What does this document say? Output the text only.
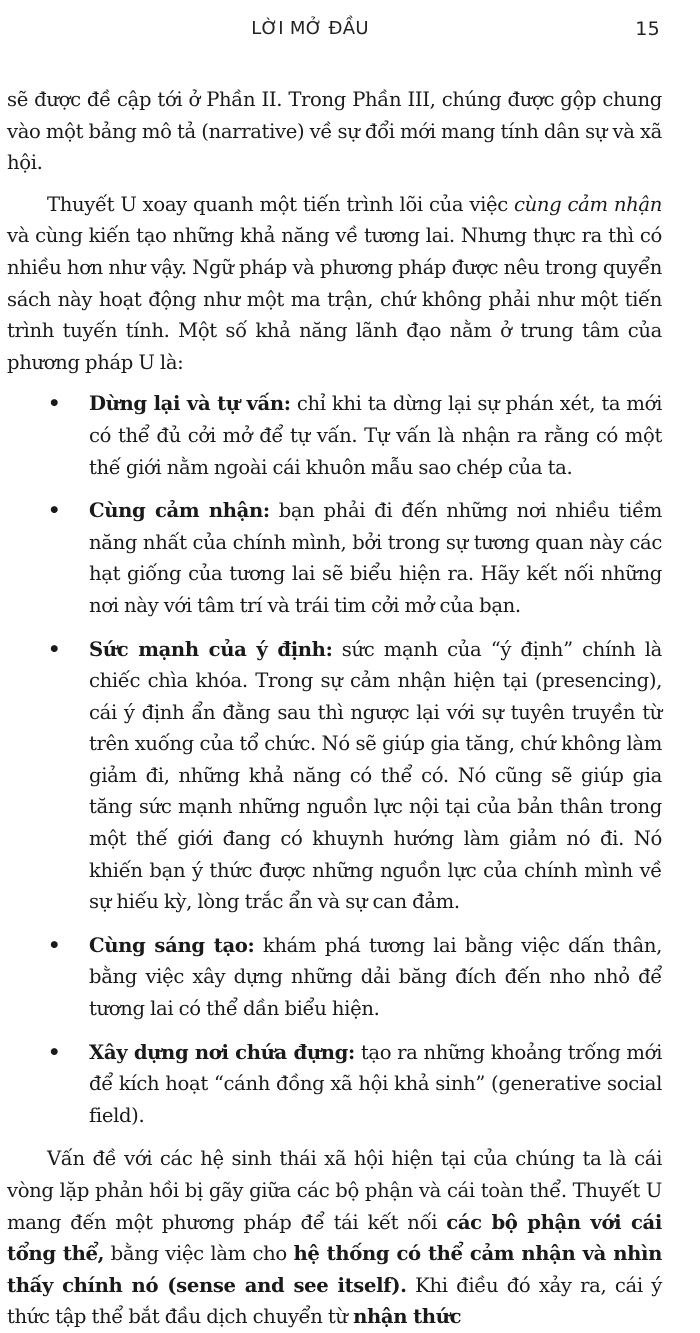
LỜI MỞ ĐẦU	15

sẽ được đề cập tới ở Phần II. Trong Phần III, chúng được gộp chung vào một bảng mô tả (narrative) về sự đổi mới mang tính dân sự và xã hội.

Thuyết U xoay quanh một tiến trình lõi của việc cùng cảm nhận và cùng kiến tạo những khả năng về tương lai. Nhưng thực ra thì có nhiều hơn như vậy. Ngữ pháp và phương pháp được nêu trong quyển sách này hoạt động như một ma trận, chứ không phải như một tiến trình tuyến tính. Một số khả năng lãnh đạo nằm ở trung tâm của phương pháp U là:

• Dừng lại và tự vấn: chỉ khi ta dừng lại sự phán xét, ta mới có thể đủ cởi mở để tự vấn. Tự vấn là nhận ra rằng có một thế giới nằm ngoài cái khuôn mẫu sao chép của ta.
• Cùng cảm nhận: bạn phải đi đến những nơi nhiều tiềm năng nhất của chính mình, bởi trong sự tương quan này các hạt giống của tương lai sẽ biểu hiện ra. Hãy kết nối những nơi này với tâm trí và trái tim cởi mở của bạn.
• Sức mạnh của ý định: sức mạnh của “ý định” chính là chiếc chìa khóa. Trong sự cảm nhận hiện tại (presencing), cái ý định ẩn đằng sau thì ngược lại với sự tuyên truyền từ trên xuống của tổ chức. Nó sẽ giúp gia tăng, chứ không làm giảm đi, những khả năng có thể có. Nó cũng sẽ giúp gia tăng sức mạnh những nguồn lực nội tại của bản thân trong một thế giới đang có khuynh hướng làm giảm nó đi. Nó khiến bạn ý thức được những nguồn lực của chính mình về sự hiếu kỳ, lòng trắc ẩn và sự can đảm.
• Cùng sáng tạo: khám phá tương lai bằng việc dấn thân, bằng việc xây dựng những dải băng đích đến nho nhỏ để tương lai có thể dần biểu hiện.
• Xây dựng nơi chứa đựng: tạo ra những khoảng trống mới để kích hoạt “cánh đồng xã hội khả sinh” (generative social field).

Vấn đề với các hệ sinh thái xã hội hiện tại của chúng ta là cái vòng lặp phản hồi bị gãy giữa các bộ phận và cái toàn thể. Thuyết U mang đến một phương pháp để tái kết nối các bộ phận với cái tổng thể, bằng việc làm cho hệ thống có thể cảm nhận và nhìn thấy chính nó (sense and see itself). Khi điều đó xảy ra, cái ý thức tập thể bắt đầu dịch chuyển từ nhận thức
